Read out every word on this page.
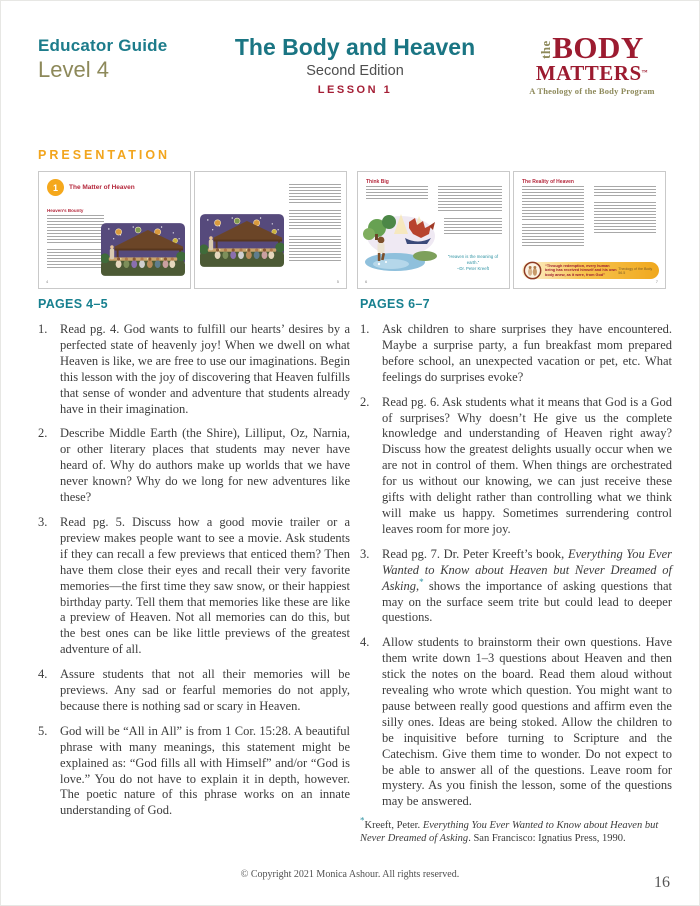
Educator Guide
Level 4
The Body and Heaven
Second Edition
LESSON 1
the BODY
MATTERS™
A Theology of the Body Program
PRESENTATION
1	The Matter of Heaven
Heaven’s Bounty
4	5
Think Big
“Heaven is the meaning of earth.”
–Dr. Peter Kreeft
6
The Reality of Heaven
“Through redemption, every human being has received himself and his own body anew, as it were, from God”
Theology of the Body 56.5
7
PAGES 4–5
1.	Read pg. 4. God wants to fulfill our hearts’ desires by a perfected state of heavenly joy! When we dwell on what Heaven is like, we are free to use our imaginations. Begin this lesson with the joy of discovering that Heaven fulfills that sense of wonder and adventure that students already have in their imagination.
2.	Describe Middle Earth (the Shire), Lilliput, Oz, Narnia, or other literary places that students may never have heard of. Why do authors make up worlds that we have never known? Why do we long for new adventures like these?
3.	Read pg. 5. Discuss how a good movie trailer or a preview makes people want to see a movie. Ask students if they can recall a few previews that enticed them? Then have them close their eyes and recall their very favorite memories—the first time they saw snow, or their happiest birthday party. Tell them that memories like these are like a preview of Heaven. Not all memories can do this, but the best ones can be like little previews of the greatest adventure of all.
4.	Assure students that not all their memories will be previews. Any sad or fearful memories do not apply, because there is nothing sad or scary in Heaven.
5.	God will be “All in All” is from 1 Cor. 15:28. A beautiful phrase with many meanings, this statement might be explained as: “God fills all with Himself” and/or “God is love.” You do not have to explain it in depth, however. The poetic nature of this phrase works on an innate understanding of God.
PAGES 6–7
1.	Ask children to share surprises they have encountered. Maybe a surprise party, a fun breakfast mom prepared before school, an unexpected vacation or pet, etc. What feelings do surprises evoke?
2.	Read pg. 6. Ask students what it means that God is a God of surprises? Why doesn’t He give us the complete knowledge and understanding of Heaven right away? Discuss how the greatest delights usually occur when we are not in control of them. When things are orchestrated for us without our knowing, we can just receive these gifts with delight rather than controlling what we think will make us happy. Sometimes surrendering control leaves room for more joy.
3.	Read pg. 7. Dr. Peter Kreeft’s book, Everything You Ever Wanted to Know about Heaven but Never Dreamed of Asking,* shows the importance of asking questions that may on the surface seem trite but could lead to deeper questions.
4.	Allow students to brainstorm their own questions. Have them write down 1–3 questions about Heaven and then stick the notes on the board. Read them aloud without revealing who wrote which question. You might want to pause between really good questions and affirm even the silly ones. Ideas are being stoked. Allow the children to be inquisitive before turning to Scripture and the Catechism. Give them time to wonder. Do not expect to be able to answer all of the questions. Leave room for mystery. As you finish the lesson, some of the questions may be answered.
*Kreeft, Peter. Everything You Ever Wanted to Know about Heaven but Never Dreamed of Asking. San Francisco: Ignatius Press, 1990.
© Copyright 2021 Monica Ashour. All rights reserved.	16
